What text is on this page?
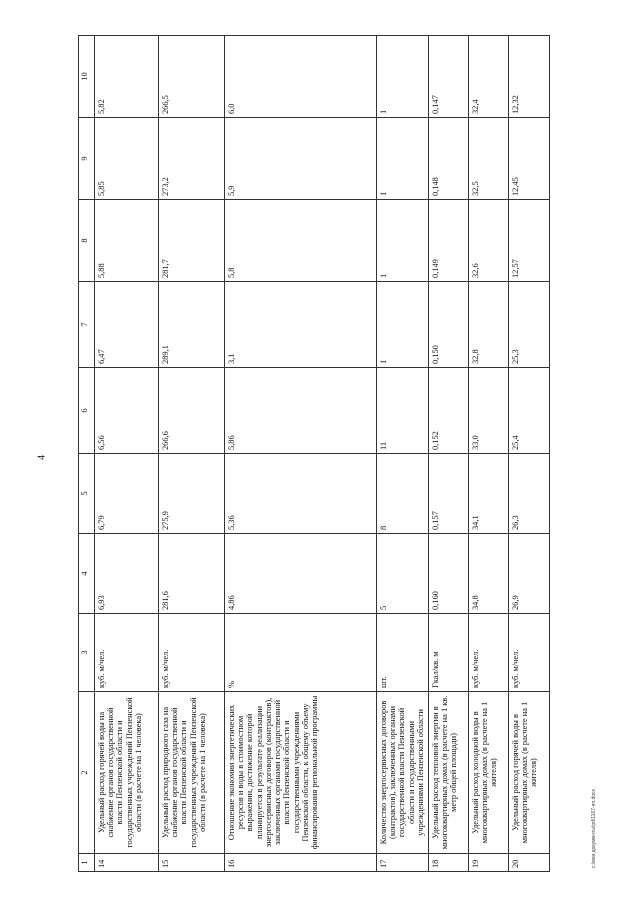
4
1	2	3	4	5	6	7	8	9	10
14	Удельный расход горячей воды на снабжение органов государственной власти Пензенской области и государственных учреждений Пензенской области (в расчете на 1 человека)	куб. м/чел.	6,93	6,79	6,56	6,47	5,88	5,85	5,82
15	Удельный расход природного газа на снабжение органов государственной власти Пензенской области и государственных учреждений Пензенской области (в расчете на 1 человека)	куб. м/чел.	281,6	275,9	266,6	289,1	281,7	273,2	266,5
16	Отношение экономии энергетических ресурсов и воды в стоимостном выражении, достижение которой планируется в результате реализации энергосервисных договоров (контрактов), заключенных органами государственной власти Пензенской области и государственными учреждениями Пензенской области, к общему объему финансирования региональной программы	%	4,86	5,36	5,86	3,1	5,8	5,9	6,0
17	Количество энергосервисных договоров (контрактов), заключенных органами государственной власти Пензенской области и государственными учреждениями Пензенской области	шт.	5	8	11	1	1	1	1
18	Удельный расход тепловой энергии в многоквартирных домах (в расчете на 1 кв. метр общей площади)	Гкал/кв. м	0,160	0,157	0,152	0,150	0,149	0,148	0,147
19	Удельный расход холодной воды в многоквартирных домах (в расчете на 1 жителя)	куб. м/чел.	34,8	34,1	33,0	32,8	32,6	32,5	32,4
20	Удельный расход горячей воды в многоквартирных домах (в расчете на 1 жителя)	куб. м/чел.	26,9	26,3	25,4	25,3	12,57	12,45	12,32
c:\мои документы\pd\1167-пп.docx
